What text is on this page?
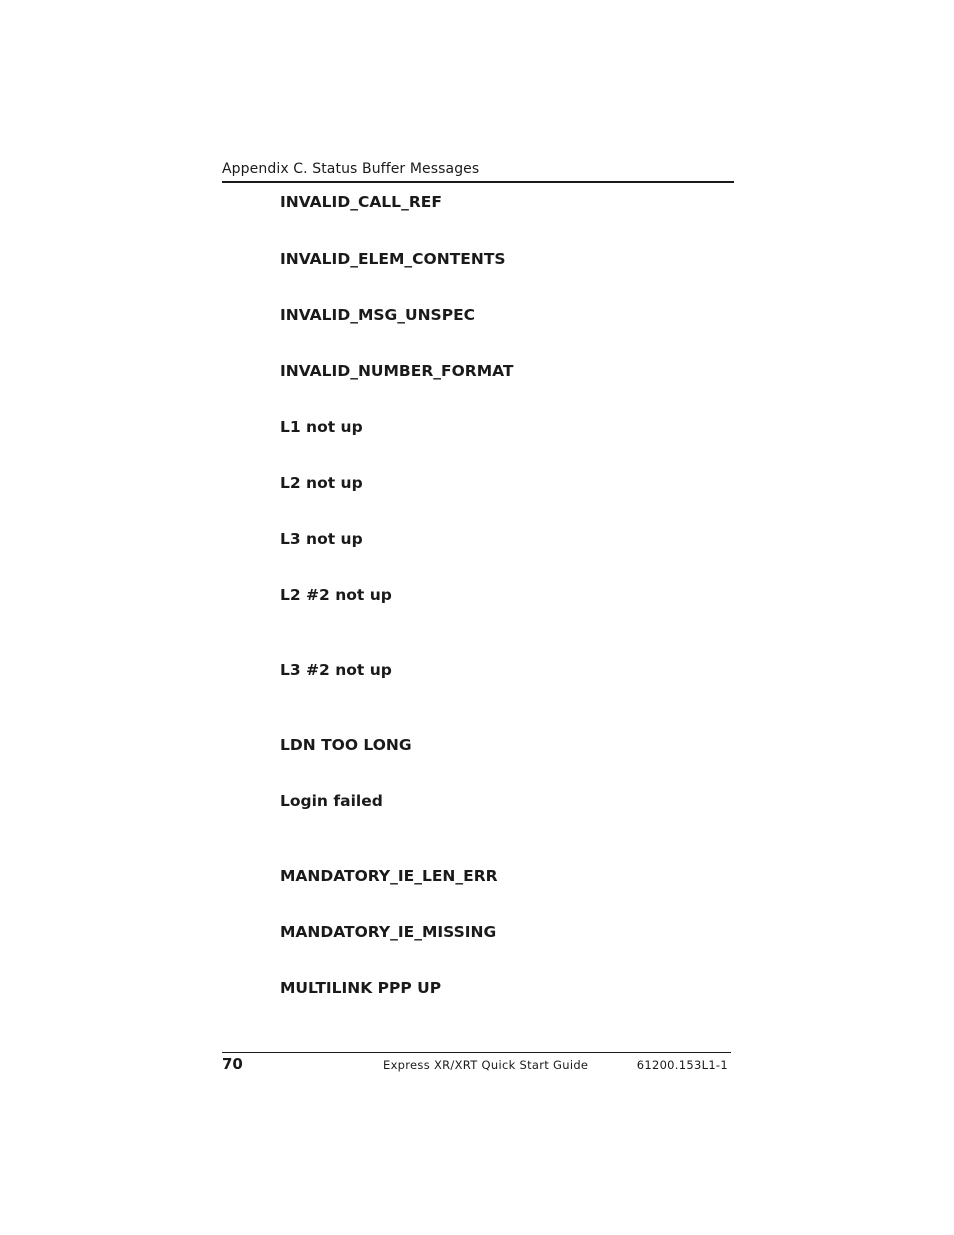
Appendix C. Status Buffer Messages
INVALID_CALL_REF
INVALID_ELEM_CONTENTS
INVALID_MSG_UNSPEC
INVALID_NUMBER_FORMAT
L1 not up
L2 not up
L3 not up
L2 #2 not up
L3 #2 not up
LDN TOO LONG
Login failed
MANDATORY_IE_LEN_ERR
MANDATORY_IE_MISSING
MULTILINK PPP UP
70	Express XR/XRT Quick Start Guide	61200.153L1-1
